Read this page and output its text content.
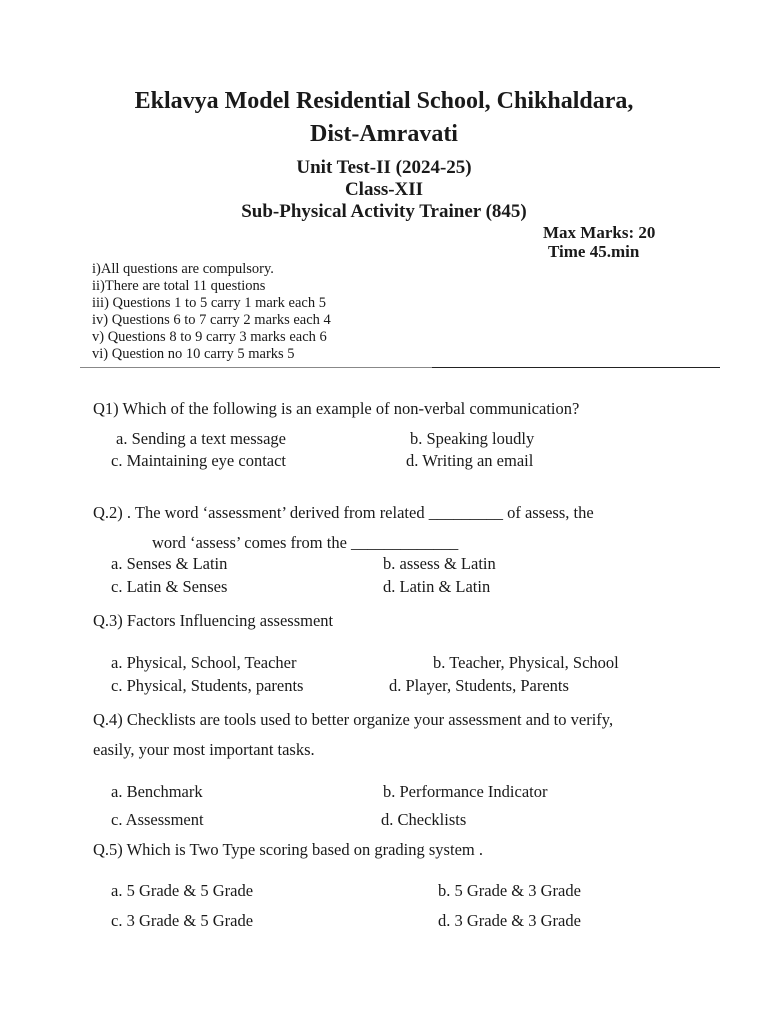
Eklavya Model Residential School, Chikhaldara,
Dist-Amravati
Unit Test-II (2024-25)
Class-XII
Sub-Physical Activity Trainer (845)
Max Marks: 20
Time 45.min
i)All questions are compulsory.
ii)There are total 11 questions
iii) Questions 1 to 5 carry 1 mark each 5
iv) Questions 6 to 7 carry 2 marks each 4
v) Questions 8 to 9 carry 3 marks each 6
vi) Question no 10 carry 5 marks 5
Q1) Which of the following is an example of non-verbal communication?
a. Sending a text message	b. Speaking loudly
c. Maintaining eye contact	d. Writing an email
Q.2) . The word ‘assessment’ derived from related _________ of assess, the
word ‘assess’ comes from the _____________
a. Senses & Latin	b. assess & Latin
c. Latin & Senses	d. Latin & Latin
Q.3) Factors Influencing assessment
a. Physical, School, Teacher	b. Teacher, Physical, School
c. Physical, Students, parents	d. Player, Students, Parents
Q.4) Checklists are tools used to better organize your assessment and to verify,
easily, your most important tasks.
a. Benchmark	b. Performance Indicator
c. Assessment	d. Checklists
Q.5) Which is Two Type scoring based on grading system .
a. 5 Grade & 5 Grade	b. 5 Grade & 3 Grade
c. 3 Grade & 5 Grade	d. 3 Grade & 3 Grade
